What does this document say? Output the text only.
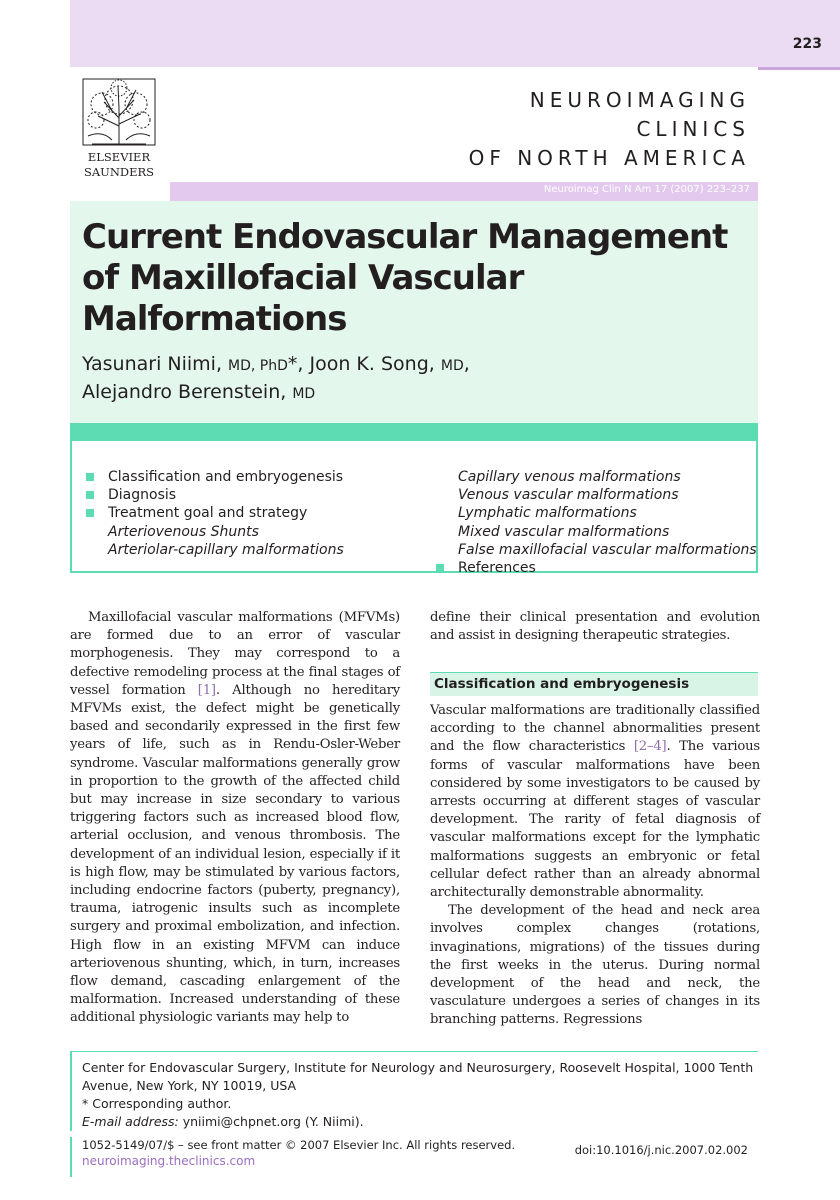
223
ELSEVIER
SAUNDERS
NEUROIMAGING
CLINICS
OF NORTH AMERICA
Neuroimag Clin N Am 17 (2007) 223–237
Current Endovascular Management of Maxillofacial Vascular Malformations
Yasunari Niimi, MD, PhD*, Joon K. Song, MD,
Alejandro Berenstein, MD
Classification and embryogenesis
Diagnosis
Treatment goal and strategy
Arteriovenous Shunts
Arteriolar-capillary malformations
Capillary venous malformations
Venous vascular malformations
Lymphatic malformations
Mixed vascular malformations
False maxillofacial vascular malformations
References

Maxillofacial vascular malformations (MFVMs) are formed due to an error of vascular morphogenesis. They may correspond to a defective remodeling process at the final stages of vessel formation [1]. Although no hereditary MFVMs exist, the defect might be genetically based and secondarily expressed in the first few years of life, such as in Rendu-Osler-Weber syndrome. Vascular malformations generally grow in proportion to the growth of the affected child but may increase in size secondary to various triggering factors such as increased blood flow, arterial occlusion, and venous thrombosis. The development of an individual lesion, especially if it is high flow, may be stimulated by various factors, including endocrine factors (puberty, pregnancy), trauma, iatrogenic insults such as incomplete surgery and proximal embolization, and infection. High flow in an existing MFVM can induce arteriovenous shunting, which, in turn, increases flow demand, cascading enlargement of the malformation. Increased understanding of these additional physiologic variants may help to

define their clinical presentation and evolution and assist in designing therapeutic strategies.

Classification and embryogenesis

Vascular malformations are traditionally classified according to the channel abnormalities present and the flow characteristics [2–4]. The various forms of vascular malformations have been considered by some investigators to be caused by arrests occurring at different stages of vascular development. The rarity of fetal diagnosis of vascular malformations except for the lymphatic malformations suggests an embryonic or fetal cellular defect rather than an already abnormal architecturally demonstrable abnormality.

The development of the head and neck area involves complex changes (rotations, invaginations, migrations) of the tissues during the first weeks in the uterus. During normal development of the head and neck, the vasculature undergoes a series of changes in its branching patterns. Regressions

Center for Endovascular Surgery, Institute for Neurology and Neurosurgery, Roosevelt Hospital, 1000 Tenth Avenue, New York, NY 10019, USA
* Corresponding author.
E-mail address: yniimi@chpnet.org (Y. Niimi).
1052-5149/07/$ – see front matter © 2007 Elsevier Inc. All rights reserved.	doi:10.1016/j.nic.2007.02.002
neuroimaging.theclinics.com
